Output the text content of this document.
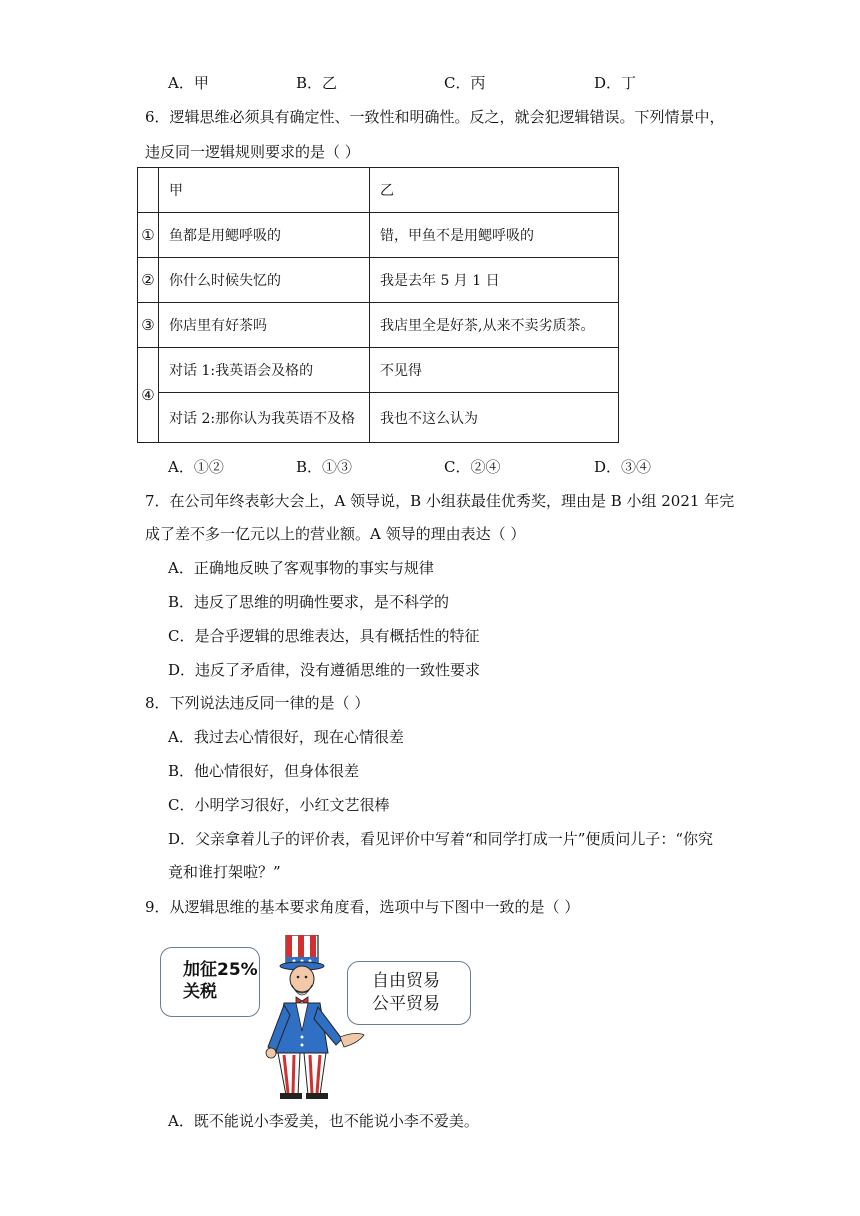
A．甲	B．乙	C．丙	D．丁
6．逻辑思维必须具有确定性、一致性和明确性。反之，就会犯逻辑错误。下列情景中，
违反同一逻辑规则要求的是（ ）
	甲	乙
①	鱼都是用鳃呼吸的	错，甲鱼不是用鳃呼吸的
②	你什么时候失忆的	我是去年 5 月 1 日
③	你店里有好茶吗	我店里全是好茶,从来不卖劣质茶。
④	对话 1:我英语会及格的	不见得
	对话 2:那你认为我英语不及格	我也不这么认为
A．①②	B．①③	C．②④	D．③④
7．在公司年终表彰大会上，A 领导说，B 小组获最佳优秀奖，理由是 B 小组 2021 年完
成了差不多一亿元以上的营业额。A 领导的理由表达（ ）
A．正确地反映了客观事物的事实与规律
B．违反了思维的明确性要求，是不科学的
C．是合乎逻辑的思维表达，具有概括性的特征
D．违反了矛盾律，没有遵循思维的一致性要求
8．下列说法违反同一律的是（ ）
A．我过去心情很好，现在心情很差
B．他心情很好，但身体很差
C．小明学习很好，小红文艺很棒
D．父亲拿着儿子的评价表，看见评价中写着“和同学打成一片”便质问儿子：“你究
竟和谁打架啦？”
9．从逻辑思维的基本要求角度看，选项中与下图中一致的是（ ）
加征25%
关税
自由贸易
公平贸易
A．既不能说小李爱美，也不能说小李不爱美。
